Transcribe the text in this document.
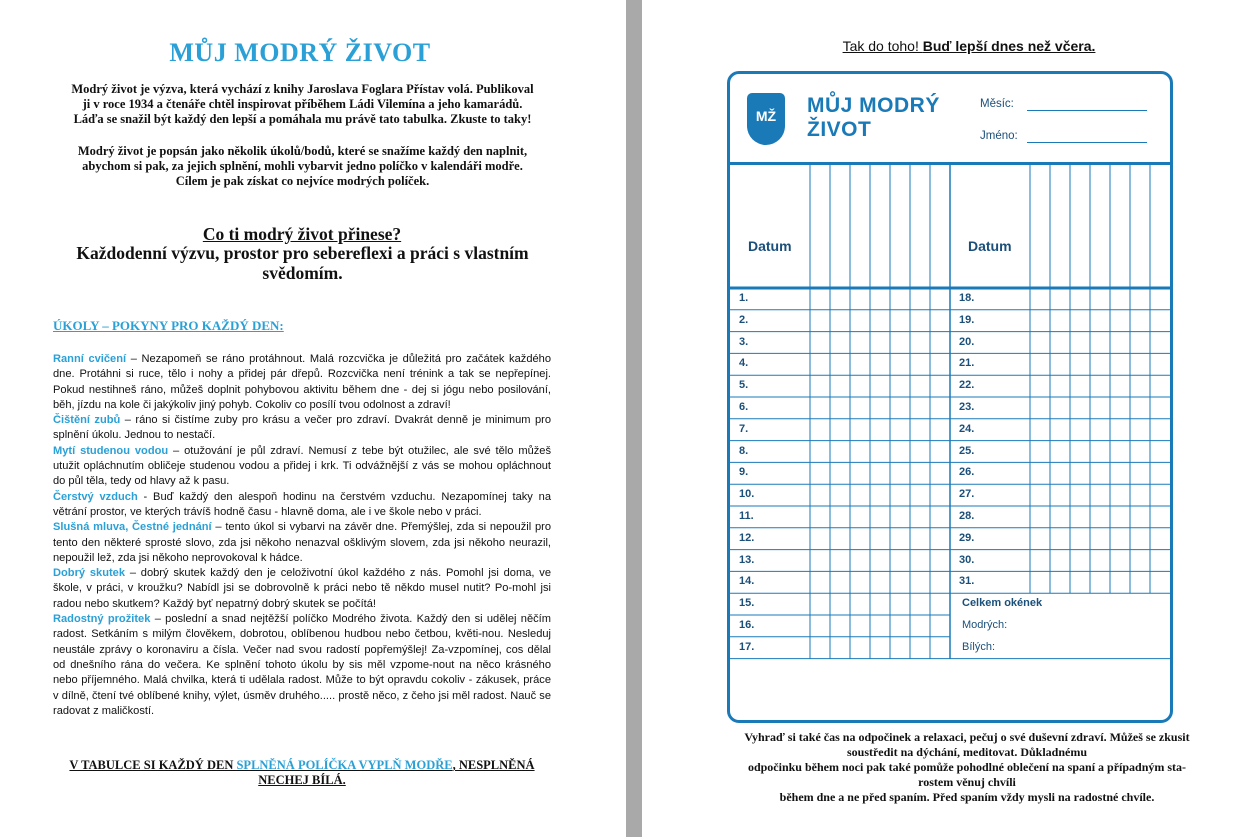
MŮJ MODRÝ ŽIVOT
Modrý život je výzva, která vychází z knihy Jaroslava Foglara Přístav volá. Publikoval
ji v roce 1934 a čtenáře chtěl inspirovat příběhem Ládi Vilemína a jeho kamarádů.
Láďa se snažil být každý den lepší a pomáhala mu právě tato tabulka. Zkuste to taky!
Modrý život je popsán jako několik úkolů/bodů, které se snažíme každý den naplnit,
abychom si pak, za jejich splnění, mohli vybarvit jedno políčko v kalendáři modře.
Cílem je pak získat co nejvíce modrých políček.
Co ti modrý život přinese?
Každodenní výzvu, prostor pro sebereflexi a práci s vlastním svědomím.
ÚKOLY – POKYNY PRO KAŽDÝ DEN:

Ranní cvičení – Nezapomeň se ráno protáhnout. Malá rozcvička je důležitá pro začátek každého dne. Protáhni si ruce, tělo i nohy a přidej pár dřepů. Rozcvička není trénink a tak se nepřepínej. Pokud nestihneš ráno, můžeš doplnit pohybovou aktivitu během dne - dej si jógu nebo posilování, běh, jízdu na kole či jakýkoliv jiný pohyb. Cokoliv co posílí tvou odolnost a zdraví!

Čištění zubů – ráno si čistíme zuby pro krásu a večer pro zdraví. Dvakrát denně je minimum pro splnění úkolu. Jednou to nestačí.

Mytí studenou vodou – otužování je půl zdraví. Nemusí z tebe být otužilec, ale své tělo můžeš utužit opláchnutím obličeje studenou vodou a přidej i krk. Ti odvážnější z vás se mohou opláchnout do půl těla, tedy od hlavy až k pasu.

Čerstvý vzduch - Buď každý den alespoň hodinu na čerstvém vzduchu. Nezapomínej taky na větrání prostor, ve kterých trávíš hodně času - hlavně doma, ale i ve škole nebo v práci.

Slušná mluva, Čestné jednání – tento úkol si vybarvi na závěr dne. Přemýšlej, zda si nepoužil pro tento den některé sprosté slovo, zda jsi někoho nenazval ošklivým slovem, zda jsi někoho neurazil, nepoužil lež, zda jsi někoho neprovokoval k hádce.

Dobrý skutek – dobrý skutek každý den je celoživotní úkol každého z nás. Pomohl jsi doma, ve škole, v práci, v kroužku? Nabídl jsi se dobrovolně k práci nebo tě někdo musel nutit? Po-mohl jsi radou nebo skutkem? Každý byť nepatrný dobrý skutek se počítá!

Radostný prožitek – poslední a snad nejtěžší políčko Modrého života. Každý den si udělej něčím radost. Setkáním s milým člověkem, dobrotou, oblíbenou hudbou nebo četbou, květi-nou. Nesleduj neustále zprávy o koronaviru a čísla. Večer nad svou radostí popřemýšlej! Za-vzpomínej, cos dělal od dnešního rána do večera. Ke splnění tohoto úkolu by sis měl vzpome-nout na něco krásného nebo příjemného. Malá chvilka, která ti udělala radost. Může to být opravdu cokoliv - zákusek, práce v dílně, čtení tvé oblíbené knihy, výlet, úsměv druhého..... prostě něco, z čeho jsi měl radost. Nauč se radovat z maličkostí.

V TABULCE SI KAŽDÝ DEN SPLNĚNÁ POLÍČKA VYPLŇ MODŘE, NESPLNĚNÁ NECHEJ BÍLÁ.
Tak do toho! Buď lepší dnes než včera.
MŽ	MŮJ MODRÝ
ŽIVOT
Měsíc:
Jméno:
Datum	Datum
1.
2.
3.
4.
5.
6.
7.
8.
9.
10.
11.
12.
13.
14.
15.
16.
17.
18.
19.
20.
21.
22.
23.
24.
25.
26.
27.
28.
29.
30.
31.
Celkem okének
Modrých:
Bílých:
Vyhraď si také čas na odpočinek a relaxaci, pečuj o své duševní zdraví. Můžeš se zkusit
soustředit na dýchání, meditovat. Důkladnému
odpočinku během noci pak také pomůže pohodlné oblečení na spaní a případným sta-
rostem věnuj chvíli
během dne a ne před spaním. Před spaním vždy mysli na radostné chvíle.
